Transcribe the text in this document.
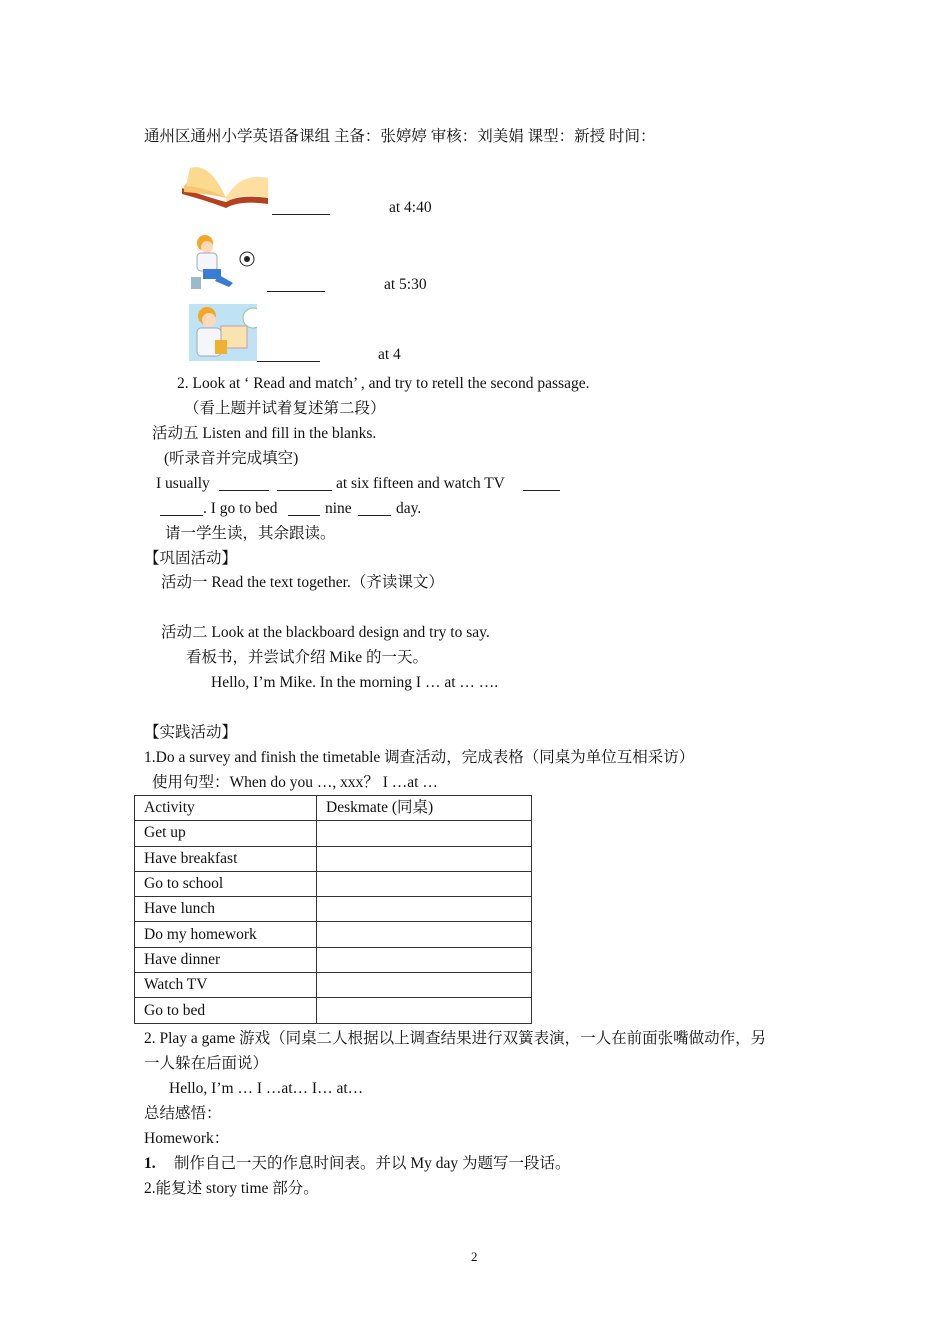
通州区通州小学英语备课组 主备：张婷婷 审核：刘美娟 课型：新授 时间：
at 4:40
at 5:30
at 4
2. Look at ‘ Read and match’ , and try to retell the second passage.
（看上题并试着复述第二段）
活动五 Listen and fill in the blanks.
(听录音并完成填空)
I usually	at six fifteen and watch TV
. I go to bed	nine	day.
请一学生读，其余跟读。
【巩固活动】
活动一 Read the text together.（齐读课文）
活动二 Look at the blackboard design and try to say.
看板书，并尝试介绍 Mike 的一天。
Hello, I’m Mike. In the morning I … at … ….
【实践活动】
1.Do a survey and finish the timetable 调查活动，完成表格（同桌为单位互相采访）
使用句型：When do you …, xxx？ I …at …
Activity	Deskmate (同桌)
Get up	
Have breakfast	
Go to school	
Have lunch	
Do my homework	
Have dinner	
Watch TV	
Go to bed	
2. Play a game 游戏（同桌二人根据以上调查结果进行双簧表演，一人在前面张嘴做动作，另
一人躲在后面说）
Hello, I’m … I …at… I… at…
总结感悟：
Homework：
1. 制作自己一天的作息时间表。并以 My day 为题写一段话。
2.能复述 story time 部分。
2
